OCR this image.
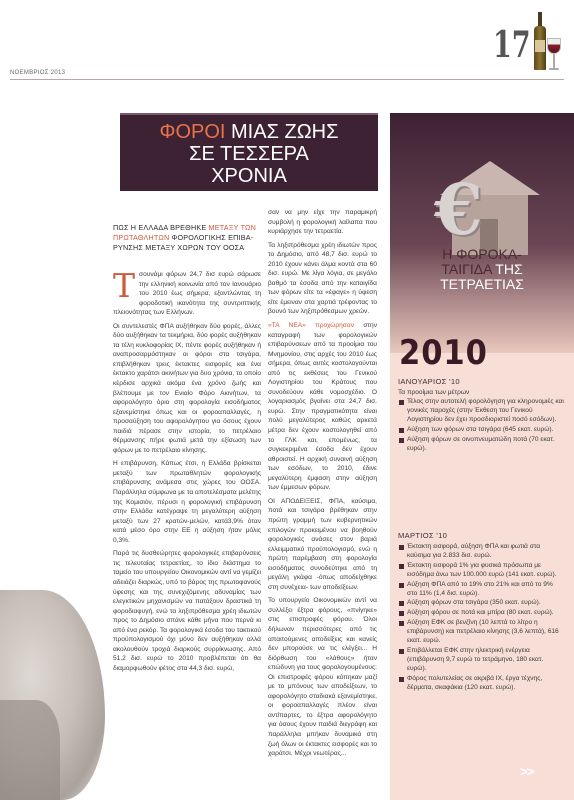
ΝΟΕΜΒΡΙΟΣ 2013
17
ΦΟΡΟΙ ΜΙΑΣ ΖΩΗΣ
ΣΕ ΤΕΣΣΕΡΑ
ΧΡΟΝΙΑ
ΠΩΣ Η ΕΛΛΑΔΑ ΒΡΕΘΗΚΕ ΜΕΤΑΞΥ ΤΩΝ ΠΡΩΤΑΘΛΗΤΩΝ ΦΟΡΟΛΟΓΙΚΗΣ ΕΠΙΒΑ-ΡΥΝΣΗΣ ΜΕΤΑΞΥ ΧΩΡΩΝ ΤΟΥ ΟΟΣΑ

Τσουνάμι φόρων 24,7 δισ ευρώ σάρωσε την ελληνική κοινωνία από τον Ιανουάριο του 2010 έως σήμερα, εξαντλώντας τη φοροδοτική ικανότητα της συντριπτικής πλειονότητας των Ελλήνων.

Οι συντελεστές ΦΠΑ αυξήθηκαν δύο φορές, άλλες δύο αυξήθηκαν τα τεκμήρια, δύο φορές αυξήθηκαν τα τέλη κυκλοφορίας ΙΧ, πέντε φορές αυξήθηκαν ή αναπροσαρμόστηκαν οι φόροι στα τσιγάρα, επιβλήθηκαν τρεις έκτακτες εισφορές και ένα έκτακτο χαράτσι ακινήτων για δυο χρόνια, το οποίο κέρδισε αρχικά ακόμα ένα χρόνο ζωής και βλέπουμε με τον Ενιαίο Φόρο Ακινήτων, τα αφορολόγητο όριο στη φορολογία εισοδήματος εξανεμίστηκε όπως και οι φοροαπαλλαγές, η προσαύξηση του αφορολόγητου για όσους έχουν παιδιά πέρασε στην ιστορία, το πετρέλαιο θέρμανσης πήρε φωτιά μετά την εξίσωση των φόρων με το πετρέλαιο κίνησης.

Η επιβάρυνση, Κάπως έτσι, η Ελλάδα βρίσκεται μεταξύ των πρωταθλητών φορολογικής επιβάρυνσης ανάμεσα στις χώρες του ΟΟΣΑ. Παράλληλα σύμφωνα με τα αποτελέσματα μελέτης της Κομισιόν, πέρυσι η φορολογική επιβάρυνση στην Ελλάδα κατέγραψε τη μεγαλύτερη αύξηση μεταξύ των 27 κρατών-μελών, κατά3,9% όταν κατά μέσο όρο στην ΕΕ η αύξηση ήταν μόλις 0,3%.

Παρά τις δυσθεώρητες φορολογικές επιβαρύνσεις τις τελευταίας τετραετίας, το ίδιο διάστημα το ταμείο του υπουργείου Οικονομικών αντί να γεμίζει αδειάζει διαρκώς, υπό το βάρος της πρωτοφανούς ύφεσης και της συνεχιζόμενης αδυναμίας των ελεγκτικών μηχανισμών να πατάξουν δραστικά τη φοροδιαφυγή, ενώ τα ληξιπρόθεσμα χρέη ιδιωτών προς το Δημόσιο σπάνε κάθε μήνα που περνά κι από ένα ρεκόρ. Τα φορολογικά έσοδα του τακτικού προϋπολογισμού όχι μόνο δεν αυξήθηκαν αλλά ακολουθούν τροχιά διαρκούς συρρίκνωσης. Από 51,2 δισ. ευρώ το 2010 προβλέπεται ότι θα διαμορφωθούν φέτος στα 44,3 δισ. ευρώ,

σαν να μην είχε την παραμικρή συμβολή η φορολογική λαίλαπα που κυριάρχησε την τετραετία.

Τα ληξιπρόθεσμα χρέη ιδιωτών προς το Δημόσιο, από 48,7 δισ. ευρώ το 2010 έχουν κάνει άλμα κοντά στα 60 δισ. ευρώ. Με λίγα λόγια, σε μεγάλο βαθμό τα έσοδα από την καταιγίδα των φόρων είτε τα «έφαγε» η ύφεση είτε έμειναν στα χαρτιά τρέφοντας το βουνό των ληξιπρόθεσμων χρεών.

«ΤΑ ΝΕΑ» προχώρησαν στην καταγραφή των φορολογικών επιβαρύνσεων από τα προοίμια του Μνημονίου, στις αρχές του 2010 έως σήμερα, όπως αυτές κοστολογούνται από τις εκθέσεις του Γενικού Λογιστηρίου του Κράτους που συνοδεύουν κάθε νομοσχέδιο. Ο λογαριασμός βγαίνει στα 24,7 δισ. ευρώ. Στην πραγματικότητα είναι πολύ μεγαλύτερος καθώς αρκετά μέτρα δεν έχουν κοστολογηθεί από το ΓΛΚ και, επομένως, τα συγκεκριμένα έσοδα δεν έχουν αθροιστεί. Η αρχική συναινή αύξηση των εσόδων, το 2010, έδινε μεγαλύτερη έμφαση στην αύξηση των έμμεσων φόρων.

ΟΙ ΑΠΟΔΕΙΞΕΙΣ, ΦΠΑ, καύσιμα, ποτά και τσιγάρα βρέθηκαν στην πρώτη γραμμή των κυβερνητικών επιλογών προκειμένου να βοηθούν φορολογικές ανάσες στον βαριά ελλειμματικό προϋπολογισμό, ενώ η πρώτη παρέμβαση στη φορολογία εισοδήματος συνοδεύτηκε από τη μεγάλη γκάφα -όπως αποδείχθηκε στη συνέχεια- των αποδείξεων.

Το υπουργείο Οικονομικών αντί να συλλέξει έξτρα φόρους, «πνίγηκε» στις επιστροφές φόρου. Όλοι δήλωναν περισσότερες από τις απαιτούμενες αποδείξεις και κανείς δεν μπορούσε να τις ελέγξει... Η διόρθωση του «λάθους» ήταν επώδυνη για τους φορολογουμένους: Οι επιστροφές φόρου κόπηκαν μαζί με το μπόνους των αποδείξεων, το αφορολόγητο σταδιακά εξανεμίστηκε, οι φοροαπαλλαγές πλέον είναι αντίπαρτες, το έξτρα αφορολόγητο για όσους έχουν παιδιά διεγράφη και παράλληλα μπήκαν δυναμικά στη ζωή όλων οι έκτακτες εισφορές και το χαράτσι. Μέχρι νεωτέρας...

€
Η ΦΟΡΟΚΑ-
ΤΑΙΓΙΔΑ ΤΗΣ
ΤΕΤΡΑΕΤΙΑΣ
2010
ΙΑΝΟΥΑΡΙΟΣ '10
Τα προοίμια των μέτρων
Τέλος στην αυτοτελή φορολόγηση για κληρονομιές και γονικές παροχές (στην Έκθεση του Γενικού Λογιστηρίου δεν έχει προσδιοριστεί ποσό εσόδων).
Αύξηση των φόρων στα τσιγάρα (645 εκατ. ευρώ).
Αύξηση φόρων σε οινοπνευματώδη ποτά (70 εκατ. ευρώ).
ΜΑΡΤΙΟΣ '10
Έκτακτη εισφορά, αύξηση ΦΠΑ και φωτιά στα καύσιμα για 2.833 δισ. ευρώ.
Έκτακτη εισφορά 1% για φυσικά πρόσωπα με εισόδημα άνω των 100.000 ευρώ (141 εκατ. ευρώ).
Αύξηση ΦΠΑ από το 19% στο 21% και από το 9% στο 11% (1,4 δισ. ευρώ).
Αύξηση φόρων στα τσιγάρα (350 εκατ. ευρώ).
Αύξηση φόρου σε ποτά και μπίρα (80 εκατ. ευρώ).
Αύξηση ΕΦΚ σε βενζίνη (10 λεπτά το λίτρο η επιβάρυνση) και πετρέλαιο κίνησης (3,6 λεπτά), 616 εκατ. ευρώ.
Επιβάλλεται ΕΦΚ στην ηλεκτρική ενέργεια (επιβάρυνση 9,7 ευρώ το τετράμηνο, 180 εκατ. ευρώ).
Φόρος πολυτελείας σε ακριβά ΙΧ, έργα τέχνης, δέρματα, σκαφάκια (120 εκατ. ευρώ).
>>
